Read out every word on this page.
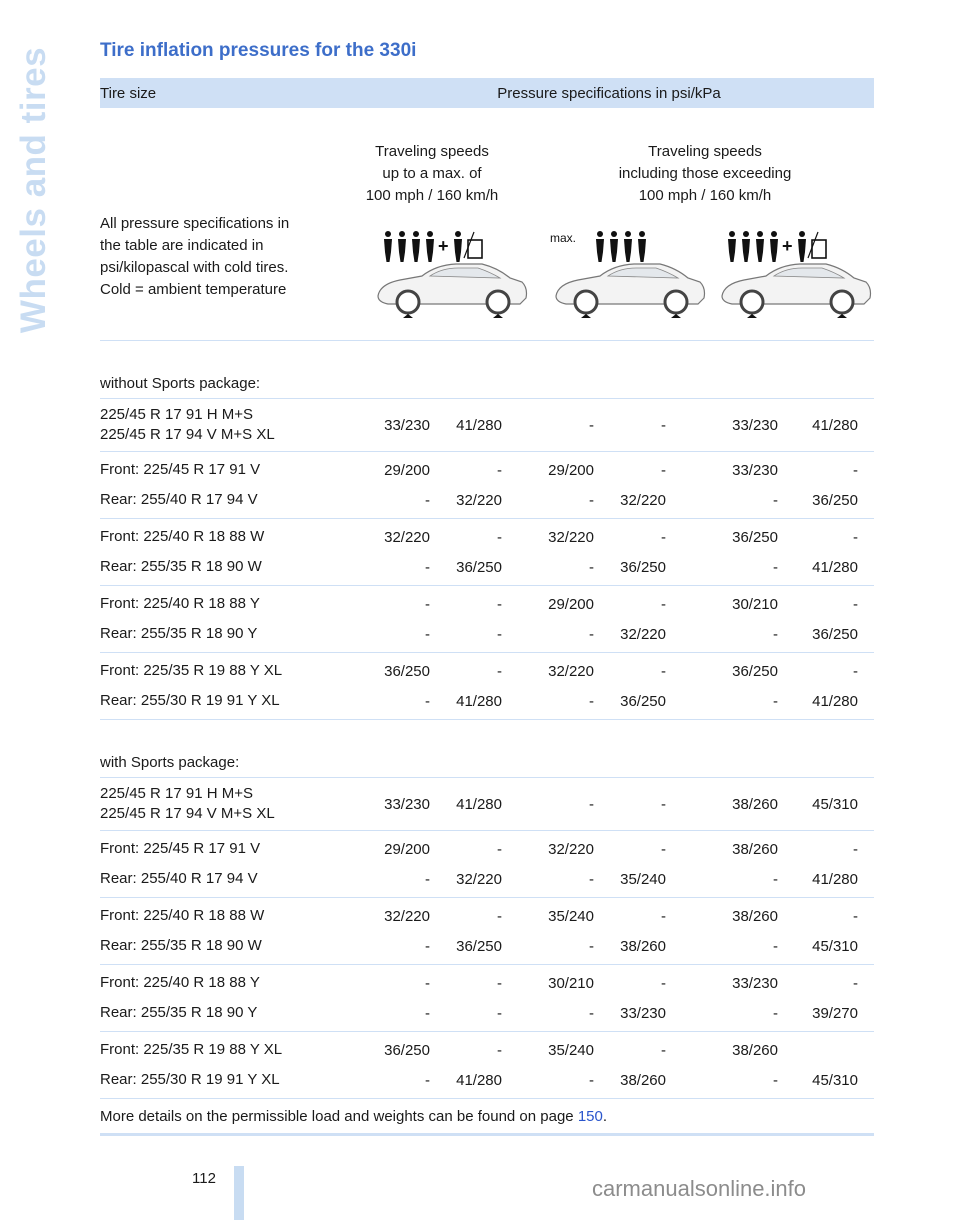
Wheels and tires Tire inflation pressures for the 330i
Tire size	Pressure specifications in psi/kPa
Traveling speeds
up to a max. of
100 mph / 160 km/h
Traveling speeds
including those exceeding
100 mph / 160 km/h
All pressure specifications in
the table are indicated in
psi/kilopascal with cold tires.
Cold = ambient temperature
+	max.	+
without Sports package:
225/45 R 17 91 H M+S
225/45 R 17 94 V M+S XL
33/230 41/280	-	-	33/230 41/280
Front: 225/45 R 17 91 V	29/200	-	29/200	-	33/230	-
Rear: 255/40 R 17 94 V	- 32/220	- 32/220	- 36/250
Front: 225/40 R 18 88 W	32/220	-	32/220	-	36/250	-
Rear: 255/35 R 18 90 W	- 36/250	- 36/250	- 41/280
Front: 225/40 R 18 88 Y	-	-	29/200	-	30/210	-
Rear: 255/35 R 18 90 Y	-	-	- 32/220	- 36/250
Front: 225/35 R 19 88 Y XL	36/250	-	32/220	-	36/250	-
Rear: 255/30 R 19 91 Y XL	- 41/280	- 36/250	- 41/280
with Sports package:
225/45 R 17 91 H M+S
225/45 R 17 94 V M+S XL
33/230 41/280	-	-	38/260 45/310
Front: 225/45 R 17 91 V	29/200	-	32/220	-	38/260	-
Rear: 255/40 R 17 94 V	- 32/220	- 35/240	- 41/280
Front: 225/40 R 18 88 W	32/220	-	35/240	-	38/260	-
Rear: 255/35 R 18 90 W	- 36/250	- 38/260	- 45/310
Front: 225/40 R 18 88 Y	-	-	30/210	-	33/230	-
Rear: 255/35 R 18 90 Y	-	-	- 33/230	- 39/270
Front: 225/35 R 19 88 Y XL	36/250	-	35/240	-	38/260
Rear: 255/30 R 19 91 Y XL	- 41/280	- 38/260	- 45/310
More details on the permissible load and weights can be found on page 150 .
112	carmanualsonline.info
